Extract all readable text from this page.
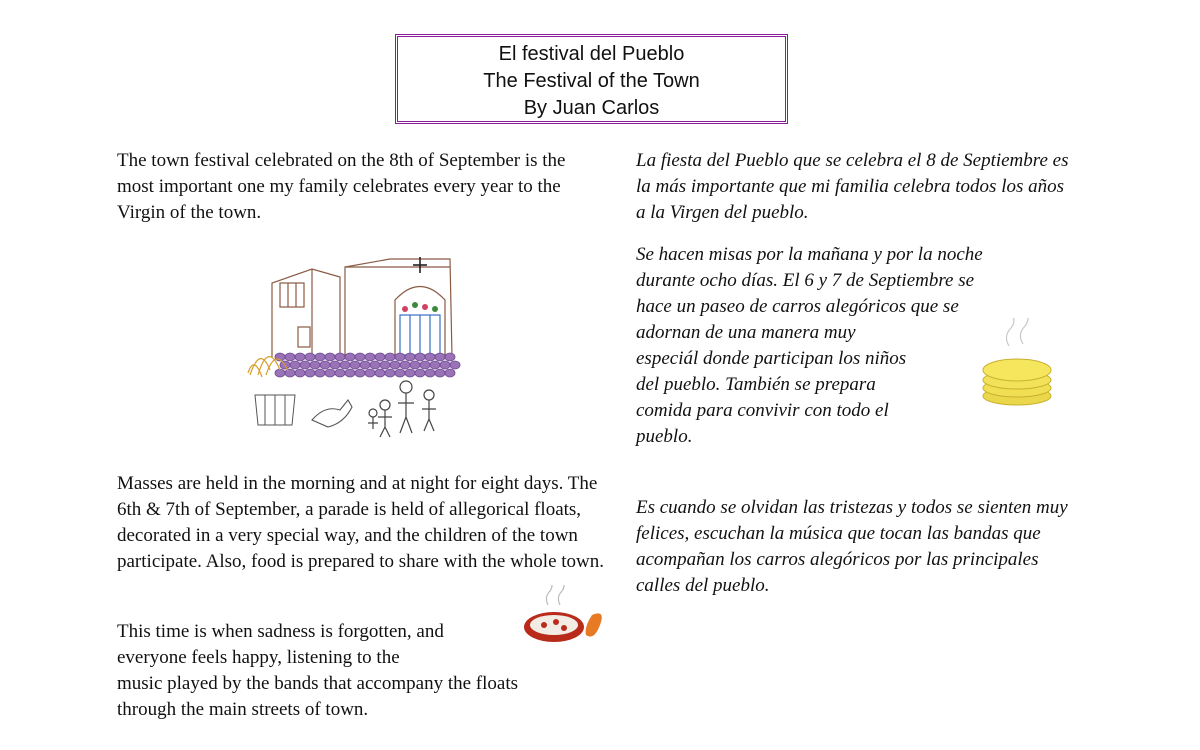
El festival del Pueblo
The Festival of the Town
By Juan Carlos
The town festival celebrated on the 8th of September is the most important one my family celebrates every year to the Virgin of the town.
Masses are held in the morning and at night for eight days. The 6th & 7th of September, a parade is held of allegorical floats, decorated in a very special way, and the children of the town participate. Also, food is prepared to share with the whole town.
This time is when sadness is forgotten, and
everyone feels happy, listening to the
music played by the bands that accompany the floats
through the main streets of town.
La fiesta del Pueblo que se celebra el 8 de Septiembre es la más importante que mi familia celebra todos los años a la Virgen del pueblo.
Se hacen misas por la mañana y por la noche
durante ocho días. El 6 y 7 de Septiembre se
hace un paseo de carros alegóricos que se
adornan de una manera muy
especiál donde participan los niños
del pueblo. También se prepara
comida para convivir con todo el
pueblo.
Es cuando se olvidan las tristezas y todos se sienten muy felices, escuchan la música que tocan las bandas que acompañan los carros alegóricos por las principales calles del pueblo.
